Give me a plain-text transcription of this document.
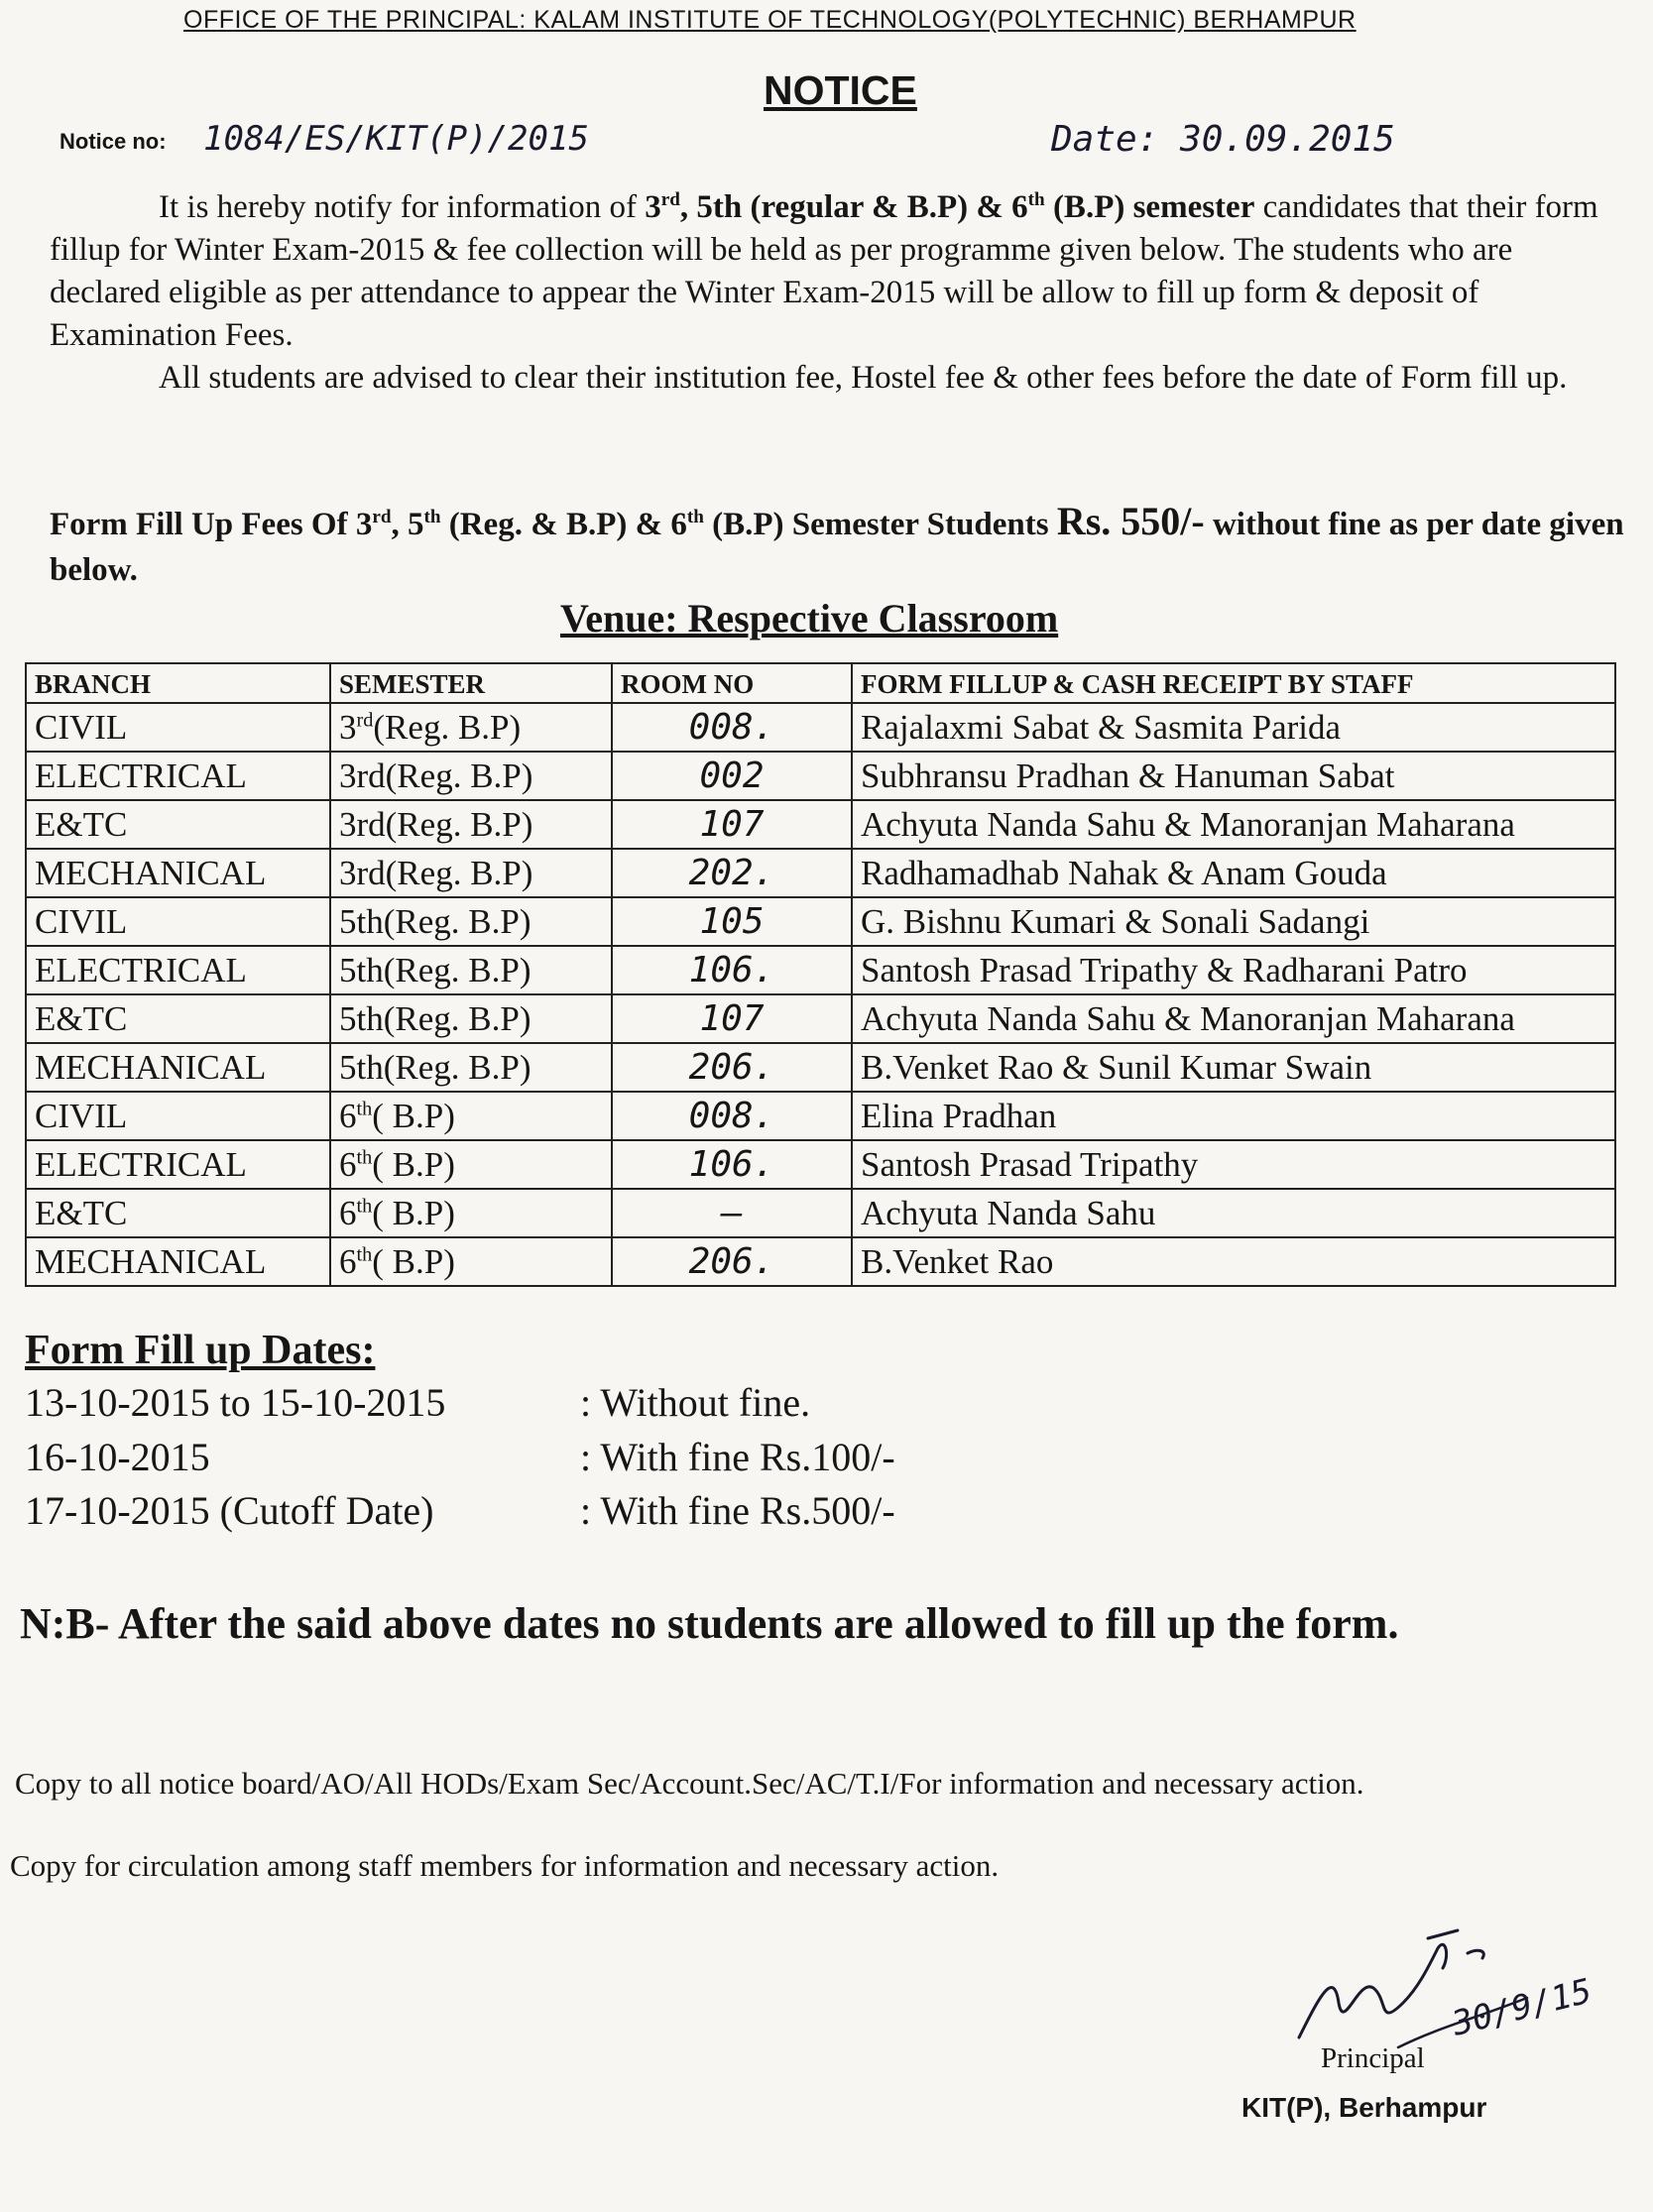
OFFICE OF THE PRINCIPAL: KALAM INSTITUTE OF TECHNOLOGY(POLYTECHNIC) BERHAMPUR
NOTICE
Notice no: 1084/ES/KIT(P)/2015	Date: 30.09.2015
It is hereby notify for information of 3rd, 5th (regular & B.P) & 6th (B.P) semester candidates that their form fillup for Winter Exam-2015 & fee collection will be held as per programme given below. The students who are declared eligible as per attendance to appear the Winter Exam-2015 will be allow to fill up form & deposit of Examination Fees.
All students are advised to clear their institution fee, Hostel fee & other fees before the date of Form fill up.
Form Fill Up Fees Of 3rd, 5th (Reg. & B.P) & 6th (B.P) Semester Students Rs. 550/- without fine as per date given below.
Venue: Respective Classroom
BRANCH	SEMESTER	ROOM NO	FORM FILLUP & CASH RECEIPT BY STAFF
CIVIL	3rd(Reg. B.P)	008.	Rajalaxmi Sabat & Sasmita Parida
ELECTRICAL	3rd(Reg. B.P)	002	Subhransu Pradhan & Hanuman Sabat
E&TC	3rd(Reg. B.P)	107	Achyuta Nanda Sahu & Manoranjan Maharana
MECHANICAL	3rd(Reg. B.P)	202.	Radhamadhab Nahak & Anam Gouda
CIVIL	5th(Reg. B.P)	105	G. Bishnu Kumari & Sonali Sadangi
ELECTRICAL	5th(Reg. B.P)	106.	Santosh Prasad Tripathy & Radharani Patro
E&TC	5th(Reg. B.P)	107	Achyuta Nanda Sahu & Manoranjan Maharana
MECHANICAL	5th(Reg. B.P)	206.	B.Venket Rao & Sunil Kumar Swain
CIVIL	6th( B.P)	008.	Elina Pradhan
ELECTRICAL	6th( B.P)	106.	Santosh Prasad Tripathy
E&TC	6th( B.P)	—	Achyuta Nanda Sahu
MECHANICAL	6th( B.P)	206.	B.Venket Rao
Form Fill up Dates:
13-10-2015 to 15-10-2015	: Without fine.
16-10-2015	: With fine Rs.100/-
17-10-2015 (Cutoff Date)	: With fine Rs.500/-
N:B- After the said above dates no students are allowed to fill up the form.
Copy to all notice board/AO/All HODs/Exam Sec/Account.Sec/AC/T.I/For information and necessary action.
Copy for circulation among staff members for information and necessary action.
30/9/15
Principal
KIT(P), Berhampur
